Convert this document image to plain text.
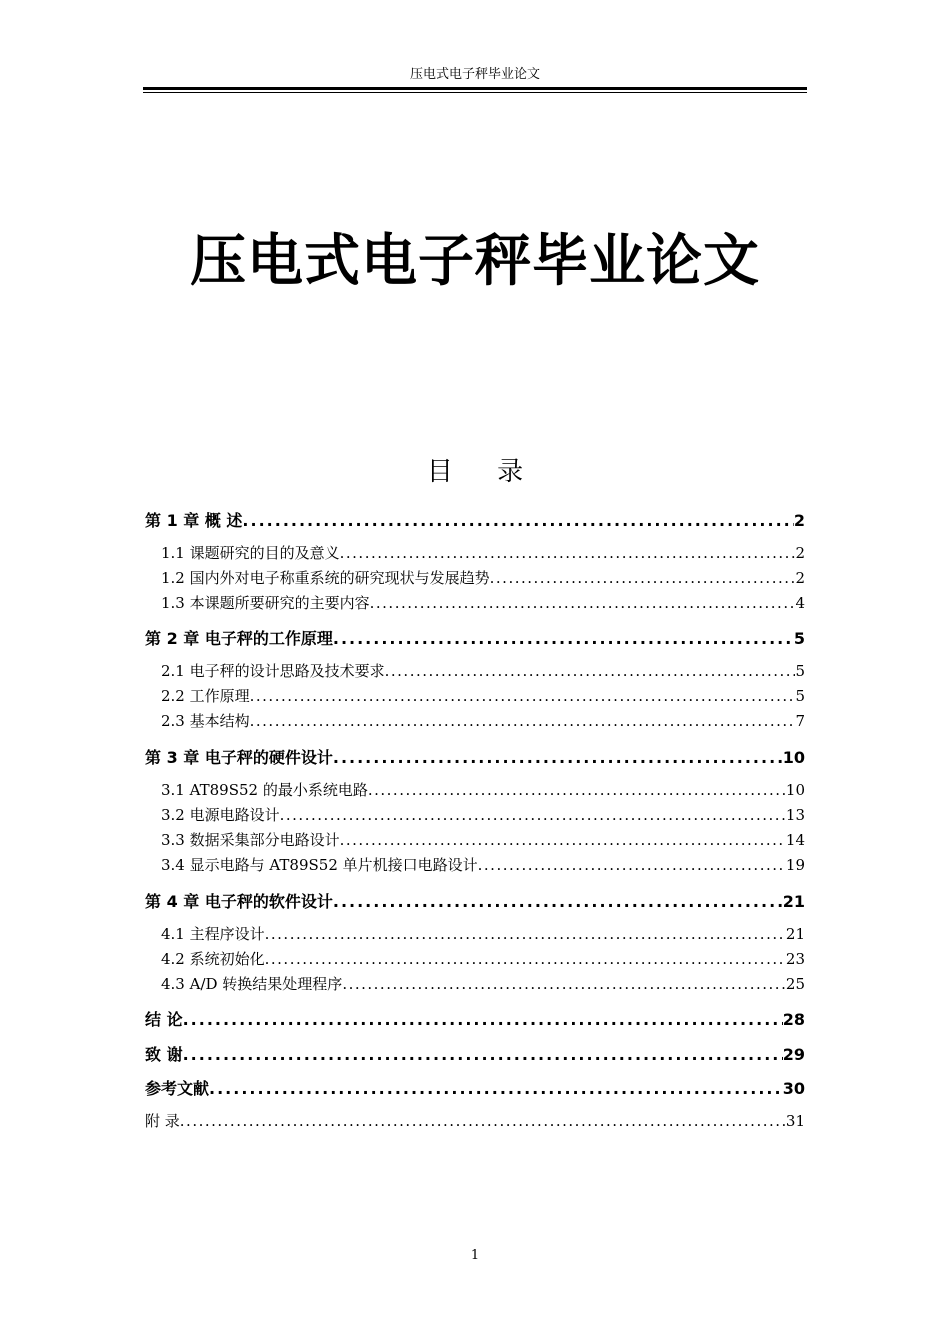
压电式电子秤毕业论文
压电式电子秤毕业论文
目 录
第 1 章 概 述 .....	2
1.1 课题研究的目的及意义 .....	2
1.2 国内外对电子称重系统的研究现状与发展趋势 .....	2
1.3 本课题所要研究的主要内容 .....	4
第 2 章 电子秤的工作原理 .....	5
2.1 电子秤的设计思路及技术要求 .....	5
2.2 工作原理 .....	5
2.3 基本结构 .....	7
第 3 章 电子秤的硬件设计 .....	10
3.1 AT89S52 的最小系统电路 .....	10
3.2 电源电路设计 .....	13
3.3 数据采集部分电路设计 .....	14
3.4 显示电路与 AT89S52 单片机接口电路设计 .....	19
第 4 章 电子秤的软件设计 .....	21
4.1 主程序设计 .....	21
4.2 系统初始化 .....	23
4.3 A/D 转换结果处理程序 .....	25
结 论 .....	28
致 谢 .....	29
参考文献 .....	30
附 录 .....	31
1
